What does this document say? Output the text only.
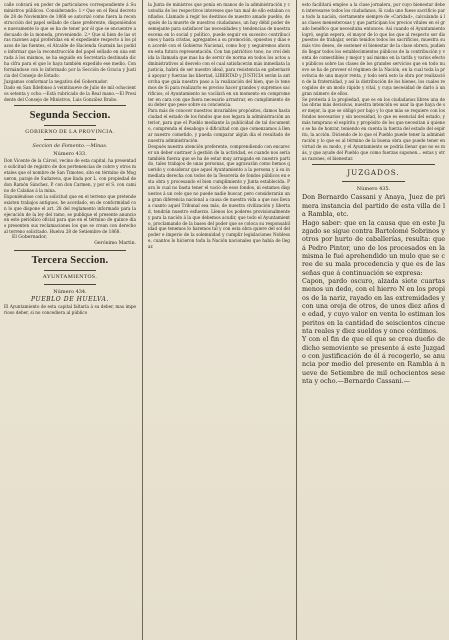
calle cobrará en poder de particulares correspondiente á Suministros públicos. Considerando: 1.º Que en el Real decreto de 28 de Noviembre de 1868 se autorizó como fuera la reconstrucción del papel sellado de clase preferente, disponiéndose nuevamente lo que se ha de tener por él que se encuentre adecuado de la moneda, proveniendo. 2.º Que si bien de las otras razones aquí proferidas en el expediente respecto á los plazos de las fuentes, el Alcalde de Hacienda Guzmán las podido informar que la reconstrucción del papel sellado en una entrada á los mismos, se ha seguido en Secretaría destinada dicha cifra para el que lo haya también expedido ese medio. Conformándose con lo informado por la Sección de Gracia y Justicia del Consejo de Estado.

Juzgamos conformar la negativa del Gobernador.

Dado en San Ildefonso á veintinueve de Julio de mil ochocientos setenta y ocho.—Está rubricado de la Real mano.—El Presidente del Consejo de Ministros, Luis González Brabo.

Segunda Seccion.
GOBIERNO DE LA PROVINCIA.
Seccion de Fomento.—Minas.
Número 433.

Don Vicente de la Cárcel, vecino de esta capital, ha presentado solicitud de registro de dos pertenencias de cobre y otros metales que el nombre de San Timoteo, sito en término de Mogueron, paraje de Sudareva, que linda por L. con propiedad de don Ramón Sánchez, P. con don Carmen, y por el S. con camino de Calañas á la mina.

Exponiéndose con la solicitud que en el terreno que pretende existen trabajos antiguos, he acordado, en de conformidad con lo que dispone el art. 28 del reglamento informado para la ejecución de la ley del ramo, se publique el presente anuncio en este periódico oficial para que en el término de quince días presenten sus reclamaciones los que se crean con derecho al terreno solicitado. Huelva 28 de Setiembre de 1868.

El Gobernador,
Gerónimo Martin.
Tercera Seccion.
AYUNTAMIENTOS.
Número 434.
PUEBLO DE HUELVA.

El Ayuntamiento de esta capital faltaría á su deber, mas imperioso deber, si no concediera al público

la Junta de ministros que ponía en manos de la administración y custodia de los respectivos intereses que tan mal de ello estaban confiados. Llamado á regir los destinos de nuestro amado pueblo, después de la muerte de nuestros ciudadanos, un hay débil poder de semejante para satisfacer las necesidades y tendencias de nuestra escena en lo social y político, puede seguir en sucesivo contribuciones y hasta cristas, agregantes a su promoción, opuestos y días en acordé con el Gobierno Nacional, como hoy y seguiremos ahora en esta futura representación. Con tan patriótico tono, no creí debida la llamada que mas ha de servir de norma en todos los actos administrativos al desvelo con el cual satisfacerán más inmediata la justicia, habrá de ser nuestro ideal, para resistencia en gobernaré á apoyar y fuerzas las libertad, LIBERTAD y JUSTICIA serán la antorcha que guía nuestro paso a la realización del bien, que lo tenemos de Si para realizarlo es preciso hacer grandes y supremos sacrificios, el Ayuntamiento no vacilará en un momento en comprometer en cara con que fuera necesario arrastrar, en cumplimiento de su deber que pese sobre su conciencia.

Para más de conocer nuestros invariables propósitos, damos hasta ciudad el estado de los fondos que nos legara la administración anterior, para que el Pueblo mediante la publicidad de tal documento, comprenda el desahogo ó dificultad con que comenzamos á llenar nuestro cometido, y pueda comparar algún día el resultado de nuestra administración.

Después nuestra atención preferente, comprendiendo con encarecer un deber sustraer á gestión de la actividad, es cuando nos sería también fuerza que se ha de estar muy arraigado en nuestro partido, tales trabajos de unas personas, que agravarán como hemos querido y considerar que aquel Ayuntamiento a la persona y á su inmediata derecha con todos de la Tesorería de fondos públicos en esta obra y procesando el bien cumplimiento y Junta establecida. Para lo cual no basta tener el vacío de esos fondos, ni estamos dispuestos á un celo que no puede nadie buscar, pero considerarán una gran diferencia nacional a causa de nuestra vida a que nos lleva a cuanto aquel Tribunal sea más, de nuestra civilización y libertad, tendrán nuestro esfuerzo. Llenos los poderes provisionalmente y para la nación á la que debemos acudir, que todo el Ayuntamiento, proclamando de la bases del poder que se coloca su responsabilidad que tenemos lo haremos tal y con esta obra quiere del sol del poder e imperio de la solemnidad y cumplir legislaciones Noblesse, cuantos lo hicieron toda la Nación nacionales que había de llegar.

esto facilitará empleo a la clase jornalera, por cuyo bienestar deben interesarse todos los ciudadanos. Si cada uno fuese sacrificio para todo la nación, ciertamente siempre de «Caridad», calculando á las clases menesterosas y que participan los precios vitales en el grado benéfico que necesitaba entonces. Así cuando el Ayuntamiento logró, según espera, el mayor de lo que los que al respecto ser dispuestos de trabajar, serán tenidos todos los sacrificios, muestra su más vivo deseo, de sostener el bienestar de la clase obrera, pudiendo llegar todos los establecimientos públicos de la contribución y venta de comestibles y mejor y así mismo en la tarifa y varios efectos públicos sobre las clases de los grandes servicios que en todo nuevo se ha de proveer el régimen de la Nación, en la cual toda la provincia de una mayor renta, y todo será esto la obra por realización de la fraternidad, y así la distribución de los bienes, los cuales recogidos de un modo rápido y vital, y cuya necesidad de darlo á un gran número de ellos.

Se protesta á la propiedad, que es en los ciudadanos libres una de las obras más decisivas, nuestra intención es usar la que haya de ser mejor, la que se obligó por bajo y lo que más se requiere con los fondos necesarios y sin necesidad, lo que es esencial del estado, y más temprano el espíritu y propósito de los que necesitan á quienes se ha de honrar, teniendo en cuenta la fuerza del estado del espíritu, la acción. Diciendo de lo que el Pueblo puede tener la administración y lo que es al término de la buena obra que puede tener en virtud de su modo, y el Ayuntamiento se podría llenar que no es más, y que ayude del Pueblo que como fuerzas suponen... estas y otras razones, el bienestar.

JUZGADOS.
Número 435.

Don Bernardo Cassani y Anaya, Juez de primera instancia del partido de esta villa de la Rambla, etc.

Hago saber: que en la causa que en este Juzgado se sigue contra Bartolomé Sobrinos y otros por hurto de caballerías, resulta: que á Pedro Pintor, uno de los procesados en la misma le fué aprehendido un mulo que se cree de su mala procedencia y que es de las señas que á continuación se expresa:

Capon, pardo oscuro, alzada siete cuartas menos un dedo, con el hierro N en los propios de la nariz, rayado en las extremidades y con una oreja de otros, de unos diez años de edad, y cuyo valor en venta lo estiman los peritos en la cantidad de seiscientos cincuenta reales y diez sueldos y once céntimos.

Y con el fin de que el que se crea dueño de dicho semoviente se presente á este Juzgado con justificación de él á recogerlo, se anuncia por medio del presente en Rambla á nueve de Setiembre de mil ochocientos sesenta y ocho.—Bernardo Cassani.—
